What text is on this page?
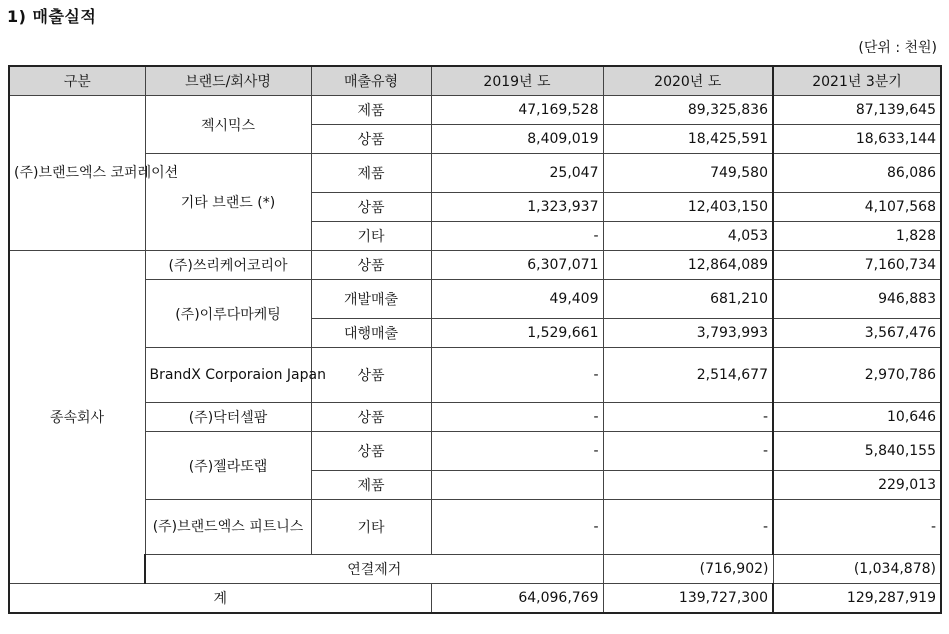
1) 매출실적
(단위 : 천원)
구분	브랜드/회사명	매출유형	2019년 도	2020년 도	2021년 3분기	
(주)브랜드엑스 코퍼레이션	젝시믹스	제품	47,169,528	89,325,836	87,139,645	
		상품	8,409,019	18,425,591	18,633,144	
	기타 브랜드 (*)	제품	25,047	749,580	86,086	
		상품	1,323,937	12,403,150	4,107,568	
		기타	-	4,053	1,828	
종속회사	(주)쓰리케어코리아	상품	6,307,071	12,864,089	7,160,734	
	(주)이루다마케팅	개발매출	49,409	681,210	946,883	
		대행매출	1,529,661	3,793,993	3,567,476	
	BrandX Corporaion Japan	상품	-	2,514,677	2,970,786	
	(주)닥터셀팜	상품	-	-	10,646	
	(주)젤라또랩	상품	-	-	5,840,155	
		제품			229,013	
	(주)브랜드엑스 피트니스	기타	-	-	-	
	연결제거			(716,902)	(1,034,878)	
계			64,096,769	139,727,300	129,287,919	
